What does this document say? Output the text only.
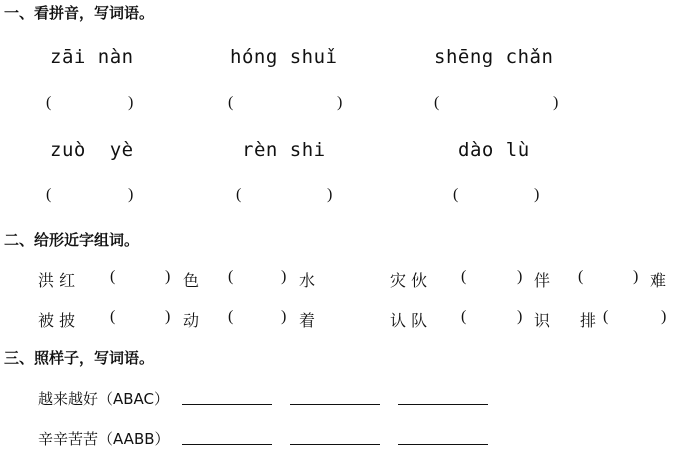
一、看拼音，写词语。
zāi nàn	hóng shuǐ	shēng chǎn
(	)	(	)	(	)
zuò  yè	rèn shi	dào lù
(	)	(	)	(	)
二、给形近字组词。
洪 红 (	) 色 (	) 水	灾 伙 (	) 伴 (	) 难
被 披 (	) 动 (	) 着	认 队 (	) 识 排 (	)
三、照样子，写词语。
越来越好（ABAC）
辛辛苦苦（AABB）
